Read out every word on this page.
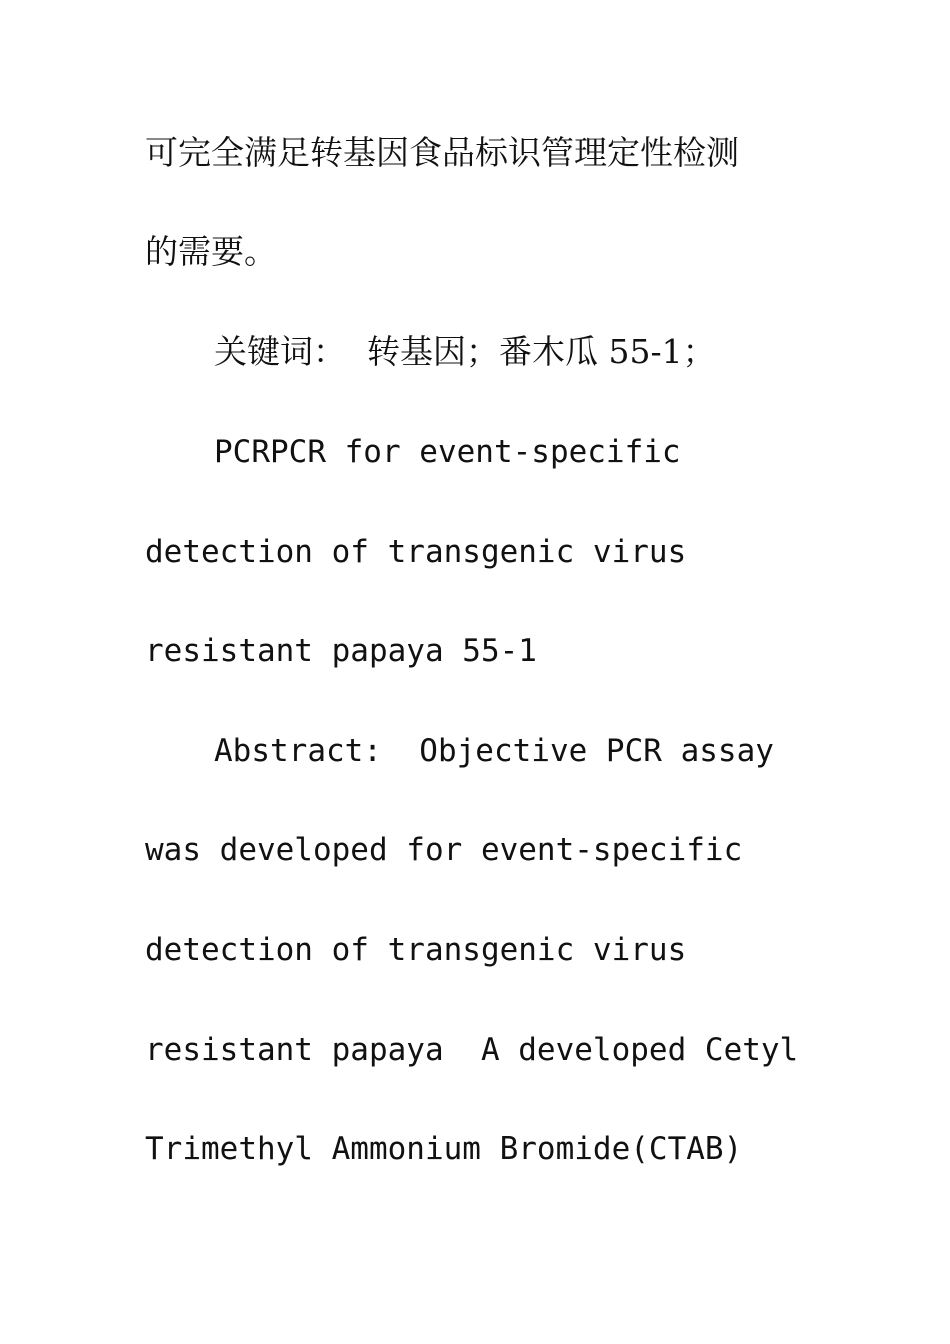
可完全满足转基因食品标识管理定性检测
的需要。
关键词：  转基因；番木瓜 55-1；
PCRPCR for event-specific
detection of transgenic virus
resistant papaya 55-1
Abstract:  Objective PCR assay
was developed for event-specific
detection of transgenic virus
resistant papaya  A developed Cetyl
Trimethyl Ammonium Bromide(CTAB)
